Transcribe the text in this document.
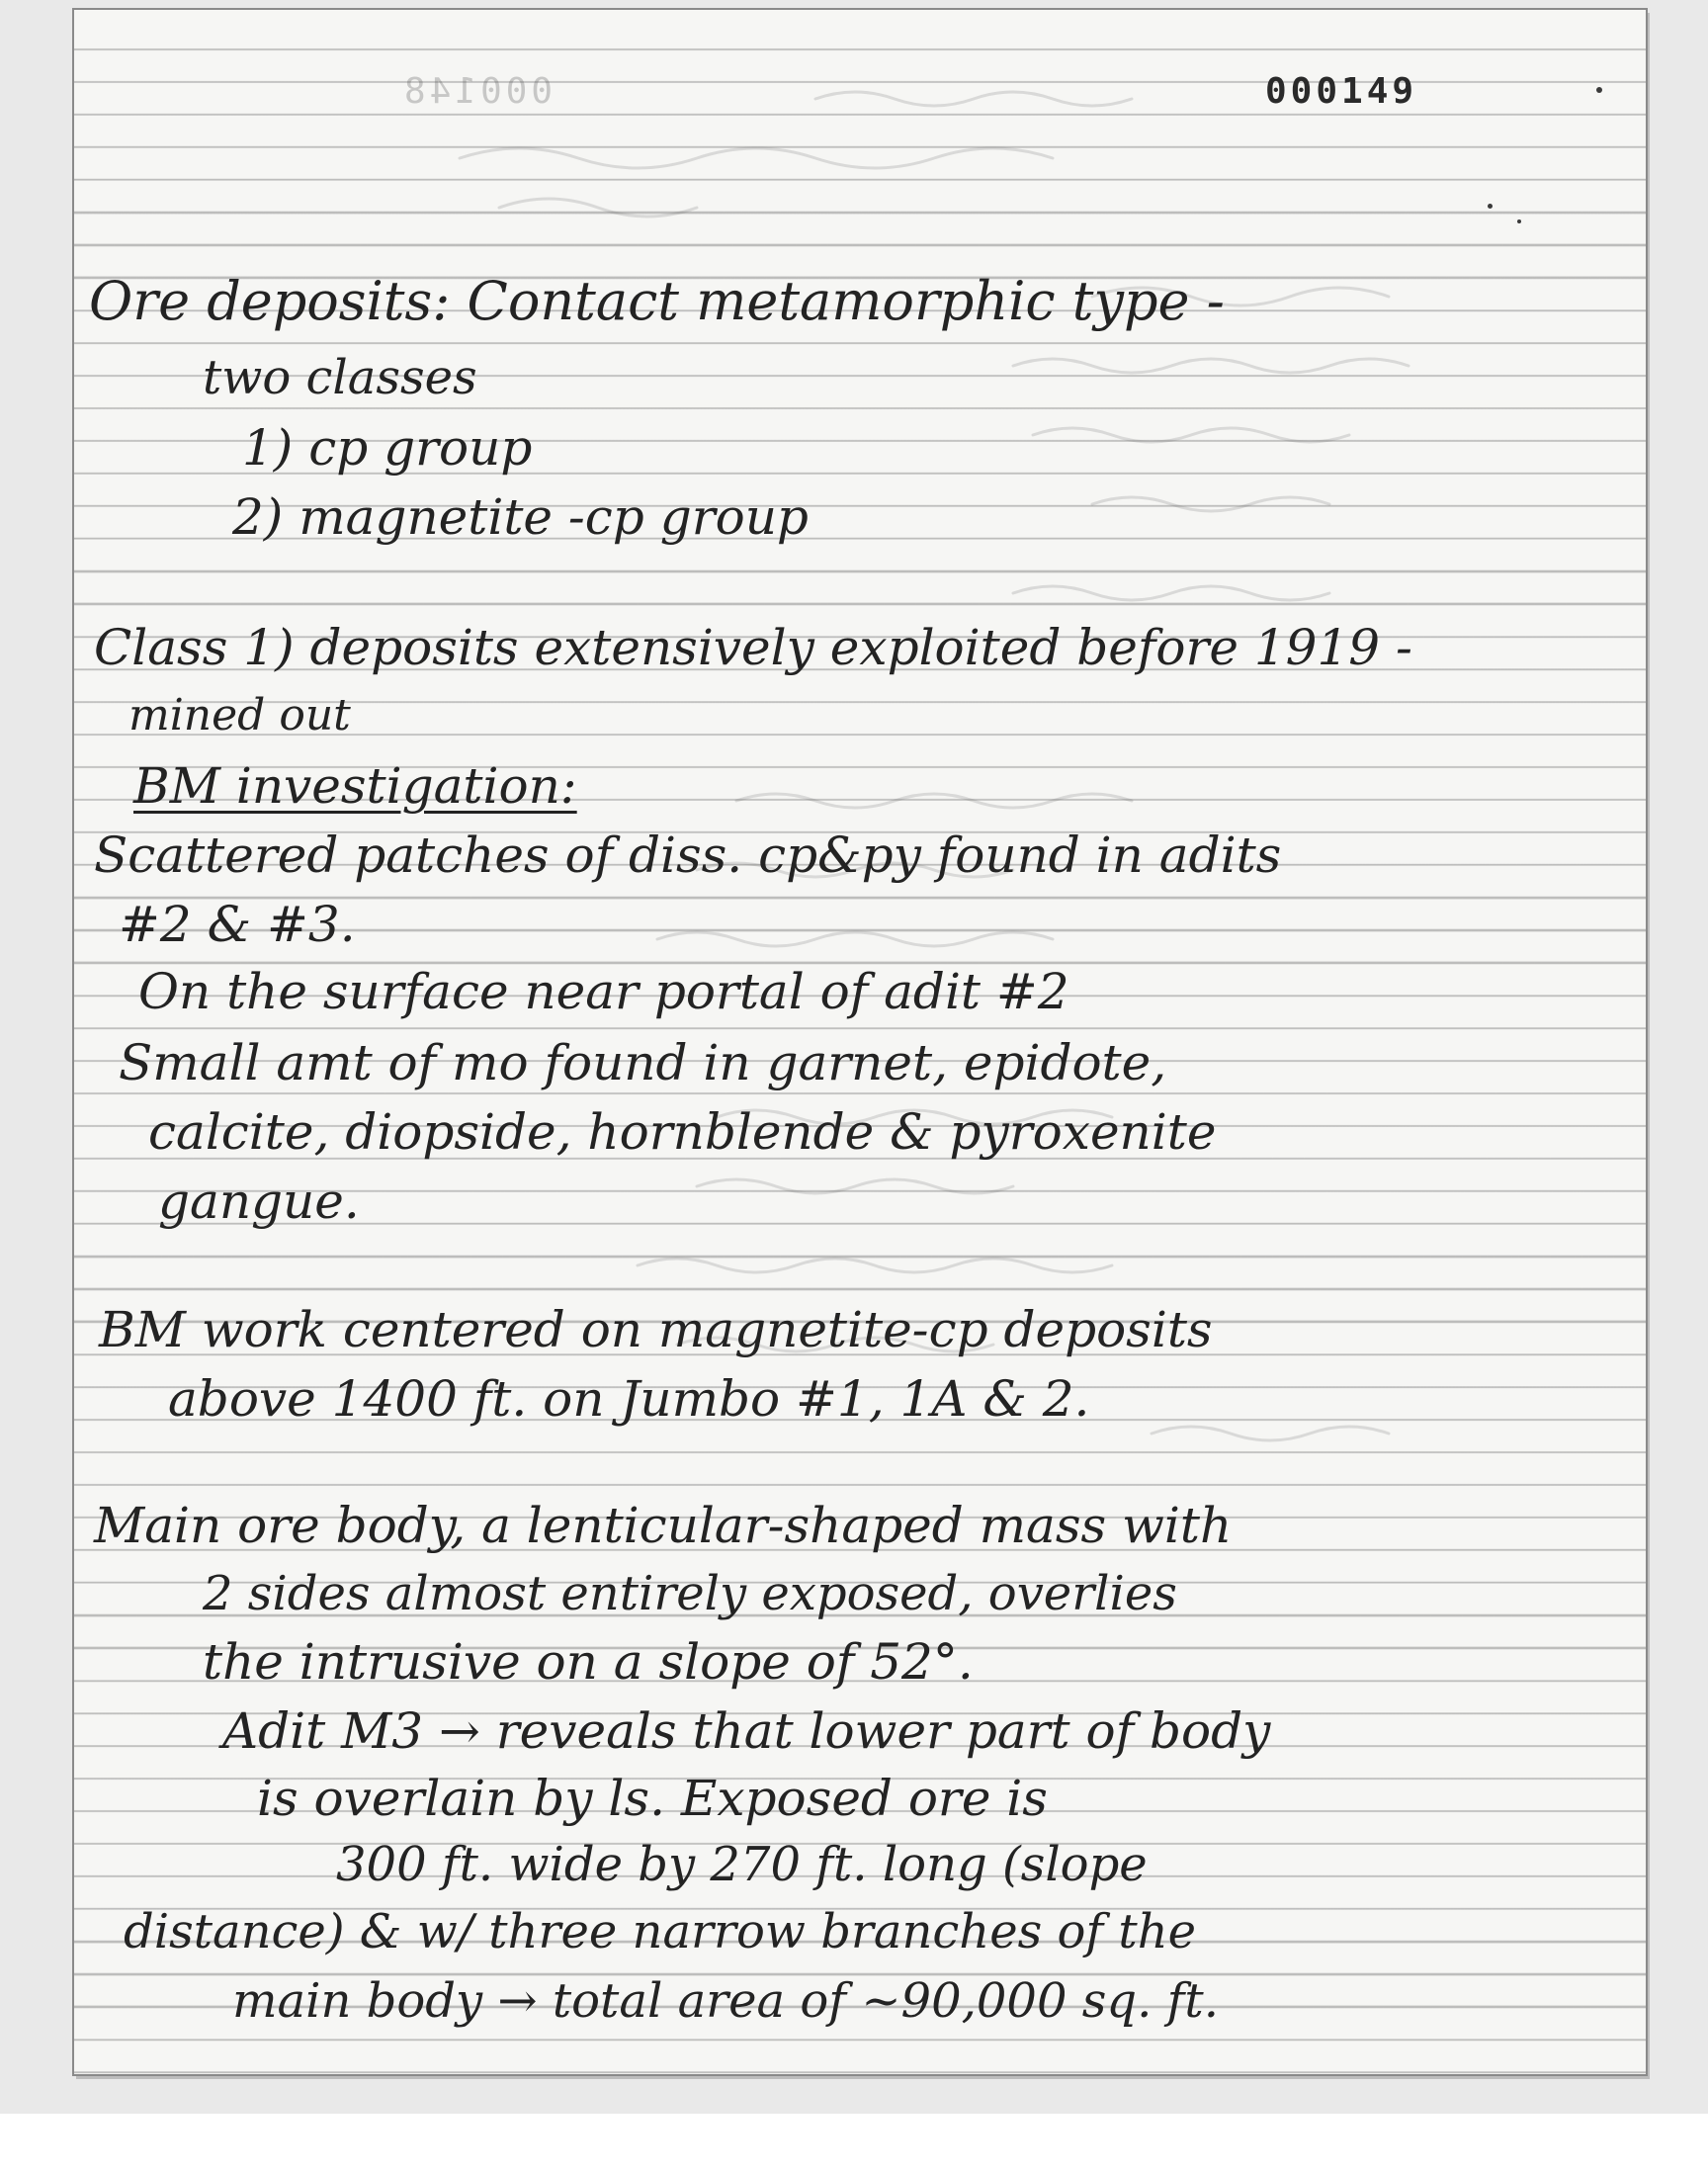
000148	000149
Ore deposits: Contact metamorphic type -
two classes
1) cp group
2) magnetite -cp group
Class 1) deposits extensively exploited before 1919 -
mined out
BM investigation:
Scattered patches of diss. cp&py found in adits
#2 & #3.
On the surface near portal of adit #2
Small amt of mo found in garnet, epidote,
calcite, diopside, hornblende & pyroxenite
gangue.
BM work centered on magnetite-cp deposits
above 1400 ft. on Jumbo #1, 1A & 2.
Main ore body, a lenticular-shaped mass with
2 sides almost entirely exposed, overlies
the intrusive on a slope of 52°.
Adit M3 → reveals that lower part of body
is overlain by ls. Exposed ore is
300 ft. wide by 270 ft. long (slope
distance) & w/ three narrow branches of the
main body → total area of ~90,000 sq. ft.
